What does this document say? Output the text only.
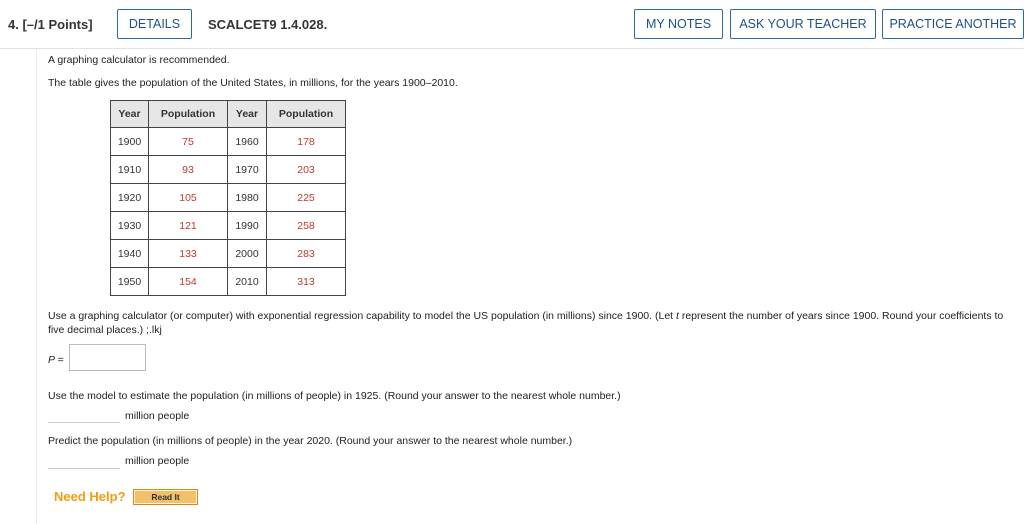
4. [–/1 Points]	DETAILS	SCALCET9 1.4.028.	MY NOTES	ASK YOUR TEACHER	PRACTICE ANOTHER
A graphing calculator is recommended.
The table gives the population of the United States, in millions, for the years 1900–2010.
Year	Population	Year	Population
1900	75	1960	178
1910	93	1970	203
1920	105	1980	225
1930	121	1990	258
1940	133	2000	283
1950	154	2010	313
Use a graphing calculator (or computer) with exponential regression capability to model the US population (in millions) since 1900. (Let t represent the number of years since 1900. Round your coefficients to five decimal places.) ;.lkj
P =
Use the model to estimate the population (in millions of people) in 1925. (Round your answer to the nearest whole number.)
million people
Predict the population (in millions of people) in the year 2020. (Round your answer to the nearest whole number.)
million people
Need Help?	Read It
